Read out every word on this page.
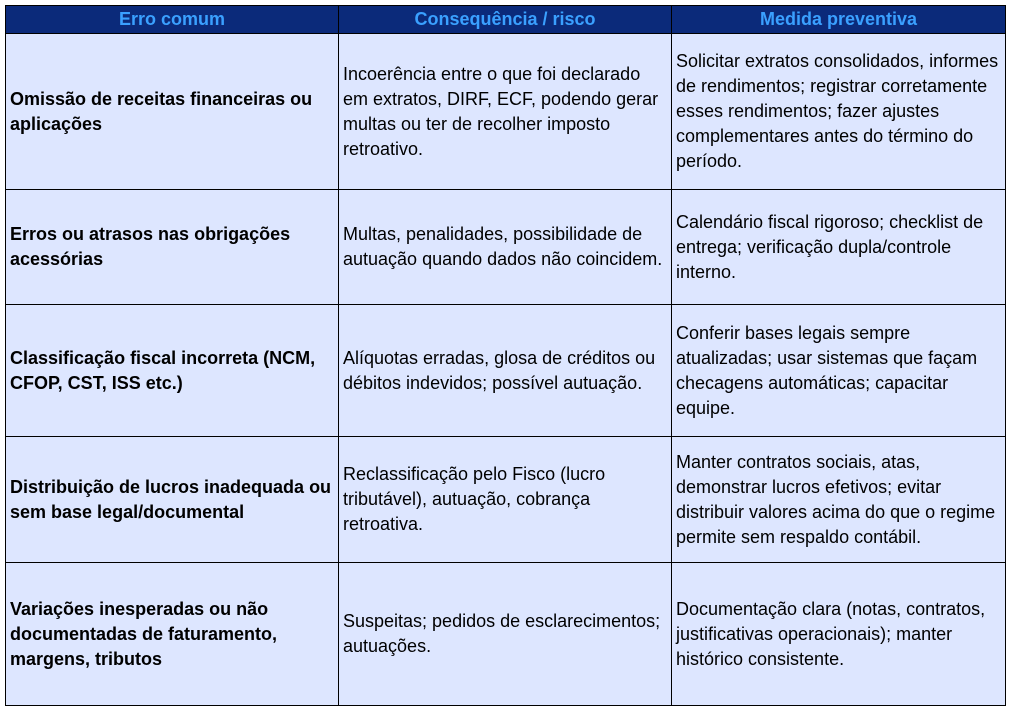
Erro comum	Consequência / risco	Medida preventiva
Omissão de receitas financeiras ou aplicações	Incoerência entre o que foi declarado em extratos, DIRF, ECF, podendo gerar multas ou ter de recolher imposto retroativo.	Solicitar extratos consolidados, informes de rendimentos; registrar corretamente esses rendimentos; fazer ajustes complementares antes do término do período.
Erros ou atrasos nas obrigações acessórias	Multas, penalidades, possibilidade de autuação quando dados não coincidem.	Calendário fiscal rigoroso; checklist de entrega; verificação dupla/controle interno.
Classificação fiscal incorreta (NCM, CFOP, CST, ISS etc.)	Alíquotas erradas, glosa de créditos ou débitos indevidos; possível autuação.	Conferir bases legais sempre atualizadas; usar sistemas que façam checagens automáticas; capacitar equipe.
Distribuição de lucros inadequada ou sem base legal/documental	Reclassificação pelo Fisco (lucro tributável), autuação, cobrança retroativa.	Manter contratos sociais, atas, demonstrar lucros efetivos; evitar distribuir valores acima do que o regime permite sem respaldo contábil.
Variações inesperadas ou não documentadas de faturamento, margens, tributos	Suspeitas; pedidos de esclarecimentos; autuações.	Documentação clara (notas, contratos, justificativas operacionais); manter histórico consistente.
